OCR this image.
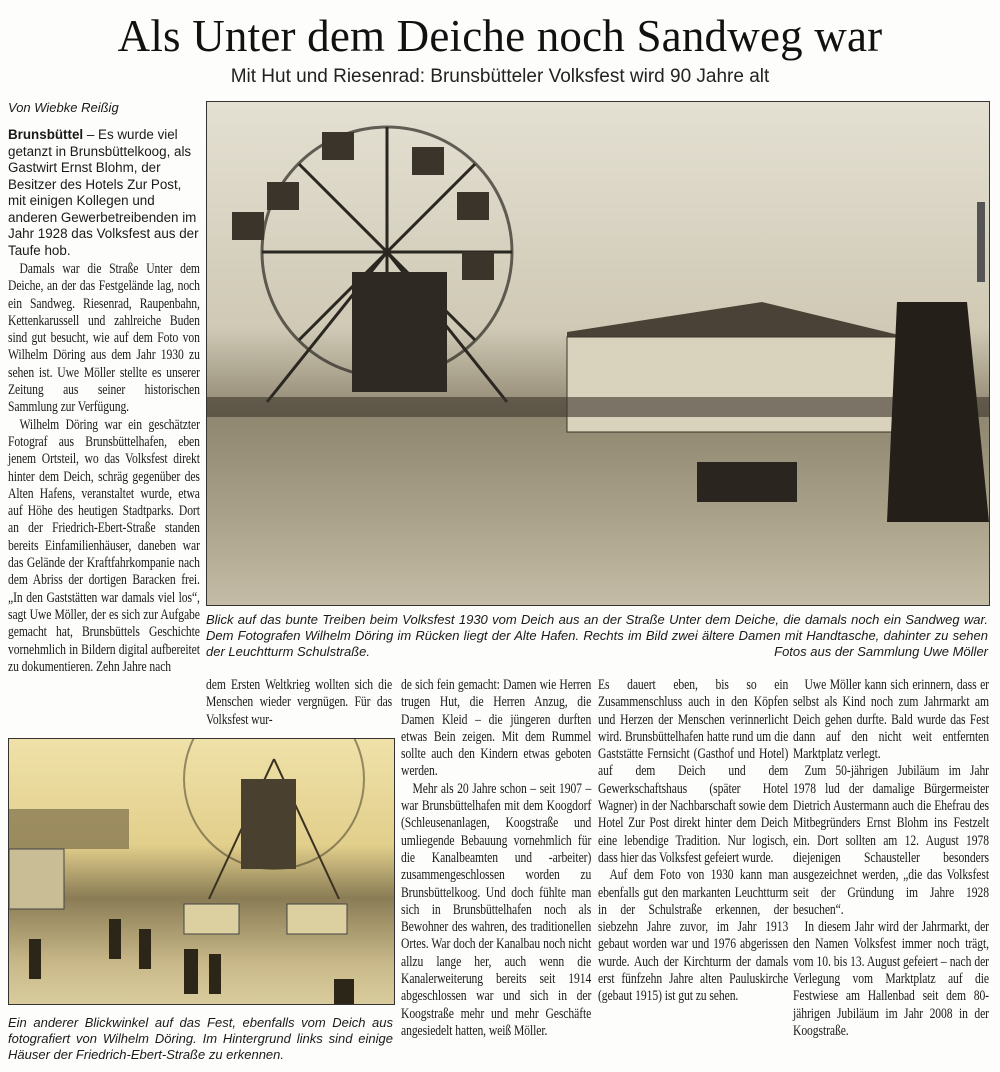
Als Unter dem Deiche noch Sandweg war
Mit Hut und Riesenrad: Brunsbütteler Volksfest wird 90 Jahre alt
Von Wiebke Reißig
Brunsbüttel – Es wurde viel getanzt in Brunsbüttelkoog, als Gastwirt Ernst Blohm, der Besitzer des Hotels Zur Post, mit einigen Kollegen und anderen Gewerbetreibenden im Jahr 1928 das Volksfest aus der Taufe hob.

Damals war die Straße Unter dem Deiche, an der das Festgelände lag, noch ein Sandweg. Riesenrad, Raupenbahn, Kettenkarussell und zahlreiche Buden sind gut besucht, wie auf dem Foto von Wilhelm Döring aus dem Jahr 1930 zu sehen ist. Uwe Möller stellte es unserer Zeitung aus seiner historischen Sammlung zur Verfügung.

Wilhelm Döring war ein geschätzter Fotograf aus Brunsbüttelhafen, eben jenem Ortsteil, wo das Volksfest direkt hinter dem Deich, schräg gegenüber des Alten Hafens, veranstaltet wurde, etwa auf Höhe des heutigen Stadtparks. Dort an der Friedrich-Ebert-Straße standen bereits Einfamilienhäuser, daneben war das Gelände der Kraftfahrkompanie nach dem Abriss der dortigen Baracken frei. „In den Gaststätten war damals viel los“, sagt Uwe Möller, der es sich zur Aufgabe gemacht hat, Brunsbüttels Geschichte vornehmlich in Bildern digital aufbereitet zu dokumentieren. Zehn Jahre nach

Blick auf das bunte Treiben beim Volksfest 1930 vom Deich aus an der Straße Unter dem Deiche, die damals noch ein Sandweg war. Dem Fotografen Wilhelm Döring im Rücken liegt der Alte Hafen. Rechts im Bild zwei ältere Damen mit Handtasche, dahinter zu sehen der Leuchtturm Schulstraße.	Fotos aus der Sammlung Uwe Möller

dem Ersten Weltkrieg wollten sich die Menschen wieder vergnügen. Für das Volksfest wur-

Ein anderer Blickwinkel auf das Fest, ebenfalls vom Deich aus fotografiert von Wilhelm Döring. Im Hintergrund links sind einige Häuser der Friedrich-Ebert-Straße zu erkennen.

de sich fein gemacht: Damen wie Herren trugen Hut, die Herren Anzug, die Damen Kleid – die jüngeren durften etwas Bein zeigen. Mit dem Rummel sollte auch den Kindern etwas geboten werden.

Mehr als 20 Jahre schon – seit 1907 – war Brunsbüttelhafen mit dem Koogdorf (Schleusenanlagen, Koogstraße und umliegende Bebauung vornehmlich für die Kanalbeamten und -arbeiter) zusammengeschlossen worden zu Brunsbüttelkoog. Und doch fühlte man sich in Brunsbüttelhafen noch als Bewohner des wahren, des traditionellen Ortes. War doch der Kanalbau noch nicht allzu lange her, auch wenn die Kanalerweiterung bereits seit 1914 abgeschlossen war und sich in der Koogstraße mehr und mehr Geschäfte angesiedelt hatten, weiß Möller.

Es dauert eben, bis so ein Zusammenschluss auch in den Köpfen und Herzen der Menschen verinnerlicht wird. Brunsbüttelhafen hatte rund um die Gaststätte Fernsicht (Gasthof und Hotel) auf dem Deich und dem Gewerkschaftshaus (später Hotel Wagner) in der Nachbarschaft sowie dem Hotel Zur Post direkt hinter dem Deich eine lebendige Tradition. Nur logisch, dass hier das Volksfest gefeiert wurde.

Auf dem Foto von 1930 kann man ebenfalls gut den markanten Leuchtturm in der Schulstraße erkennen, der siebzehn Jahre zuvor, im Jahr 1913 gebaut worden war und 1976 abgerissen wurde. Auch der Kirchturm der damals erst fünfzehn Jahre alten Pauluskirche (gebaut 1915) ist gut zu sehen.

Uwe Möller kann sich erinnern, dass er selbst als Kind noch zum Jahrmarkt am Deich gehen durfte. Bald wurde das Fest dann auf den nicht weit entfernten Marktplatz verlegt.

Zum 50-jährigen Jubiläum im Jahr 1978 lud der damalige Bürgermeister Dietrich Austermann auch die Ehefrau des Mitbegründers Ernst Blohm ins Festzelt ein. Dort sollten am 12. August 1978 diejenigen Schausteller besonders ausgezeichnet werden, „die das Volksfest seit der Gründung im Jahre 1928 besuchen“.

In diesem Jahr wird der Jahrmarkt, der den Namen Volksfest immer noch trägt, vom 10. bis 13. August gefeiert – nach der Verlegung vom Marktplatz auf die Festwiese am Hallenbad seit dem 80-jährigen Jubiläum im Jahr 2008 in der Koogstraße.
